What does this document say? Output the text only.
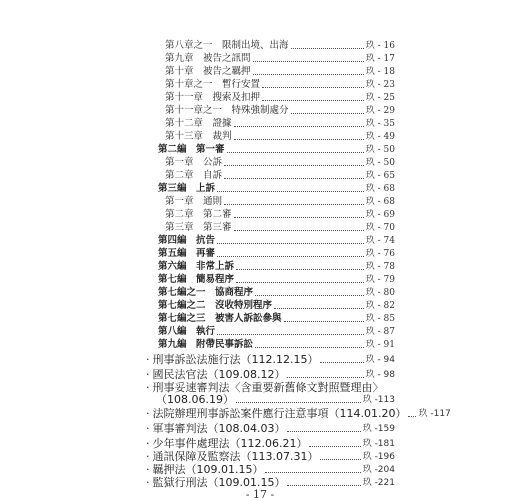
第八章之一　限制出境、出海	玖 - 16
第九章　被告之訊問	玖 - 17
第十章　被告之羈押	玖 - 18
第十章之一　暫行安置	玖 - 23
第十一章　搜索及扣押	玖 - 25
第十一章之一　特殊強制處分	玖 - 29
第十二章　證據	玖 - 35
第十三章　裁判	玖 - 49
第二編　第一審	玖 - 50
第一章　公訴	玖 - 50
第二章　自訴	玖 - 65
第三編　上訴	玖 - 68
第一章　通則	玖 - 68
第二章　第二審	玖 - 69
第三章　第三審	玖 - 70
第四編　抗告	玖 - 74
第五編　再審	玖 - 76
第六編　非常上訴	玖 - 78
第七編　簡易程序	玖 - 79
第七編之一　協商程序	玖 - 80
第七編之二　沒收特別程序	玖 - 82
第七編之三　被害人訴訟參與	玖 - 85
第八編　執行	玖 - 87
第九編　附帶民事訴訟	玖 - 91
· 刑事訴訟法施行法（112.12.15）	玖 - 94
· 國民法官法（109.08.12）	玖 - 98
· 刑事妥速審判法〈含重要新舊條文對照暨理由〉
（108.06.19）	玖 -113
· 法院辦理刑事訴訟案件應行注意事項（114.01.20） 玖 -117
· 軍事審判法（108.04.03）	玖 -159
· 少年事件處理法（112.06.21）	玖 -181
· 通訊保障及監察法（113.07.31）	玖 -196
· 羈押法（109.01.15）	玖 -204
· 監獄行刑法（109.01.15）	玖 -221
- 17 -
